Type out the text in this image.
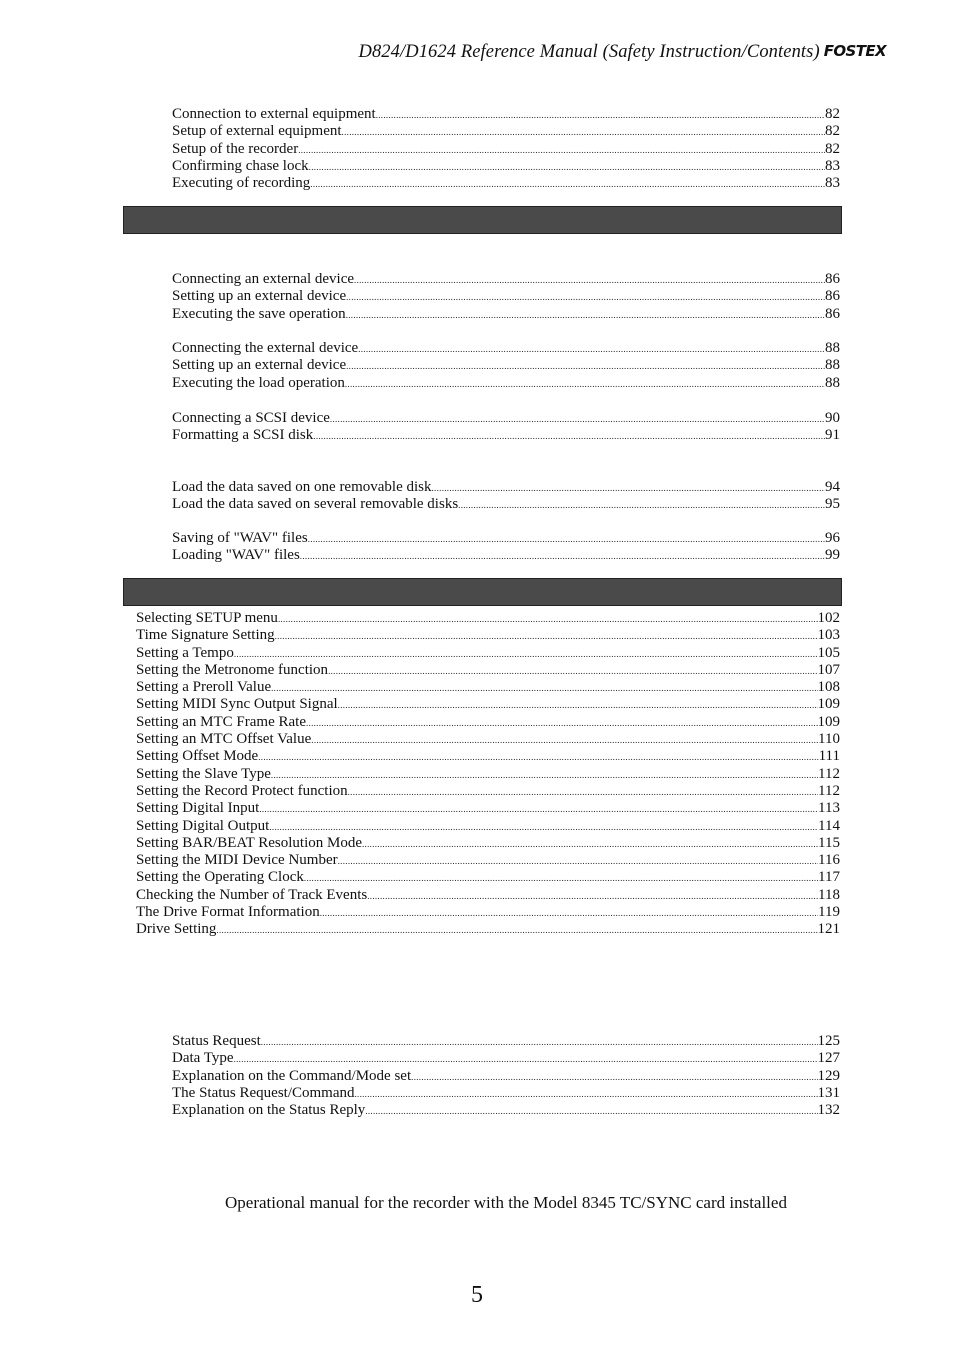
D824/D1624 Reference Manual (Safety Instruction/Contents) FOSTEX
Connection to external equipment .....	82
Setup of external equipment .....	82
Setup of the recorder .....	82
Confirming chase lock .....	83
Executing of recording .....	83
Connecting an external device .....	86
Setting up an external device .....	86
Executing the save operation .....	86
Connecting the external device .....	88
Setting up an external device .....	88
Executing the load operation .....	88
Connecting a SCSI device .....	90
Formatting a SCSI disk .....	91
Load the data saved on one removable disk .....	94
Load the data saved on several removable disks .....	95
Saving of "WAV" files .....	96
Loading "WAV" files .....	99
Selecting SETUP menu .....	102
Time Signature Setting .....	103
Setting a Tempo .....	105
Setting the Metronome function .....	107
Setting a Preroll Value .....	108
Setting MIDI Sync Output Signal .....	109
Setting an MTC Frame Rate .....	109
Setting an MTC Offset Value .....	110
Setting Offset Mode .....	111
Setting the Slave Type .....	112
Setting the Record Protect function .....	112
Setting Digital Input .....	113
Setting Digital Output .....	114
Setting BAR/BEAT Resolution Mode .....	115
Setting the MIDI Device Number .....	116
Setting the Operating Clock .....	117
Checking the Number of Track Events .....	118
The Drive Format Information .....	119
Drive Setting .....	121
Status Request .....	125
Data Type .....	127
Explanation on the Command/Mode set .....	129
The Status Request/Command .....	131
Explanation on the Status Reply .....	132
Operational manual for the recorder with the Model 8345 TC/SYNC card installed
5
